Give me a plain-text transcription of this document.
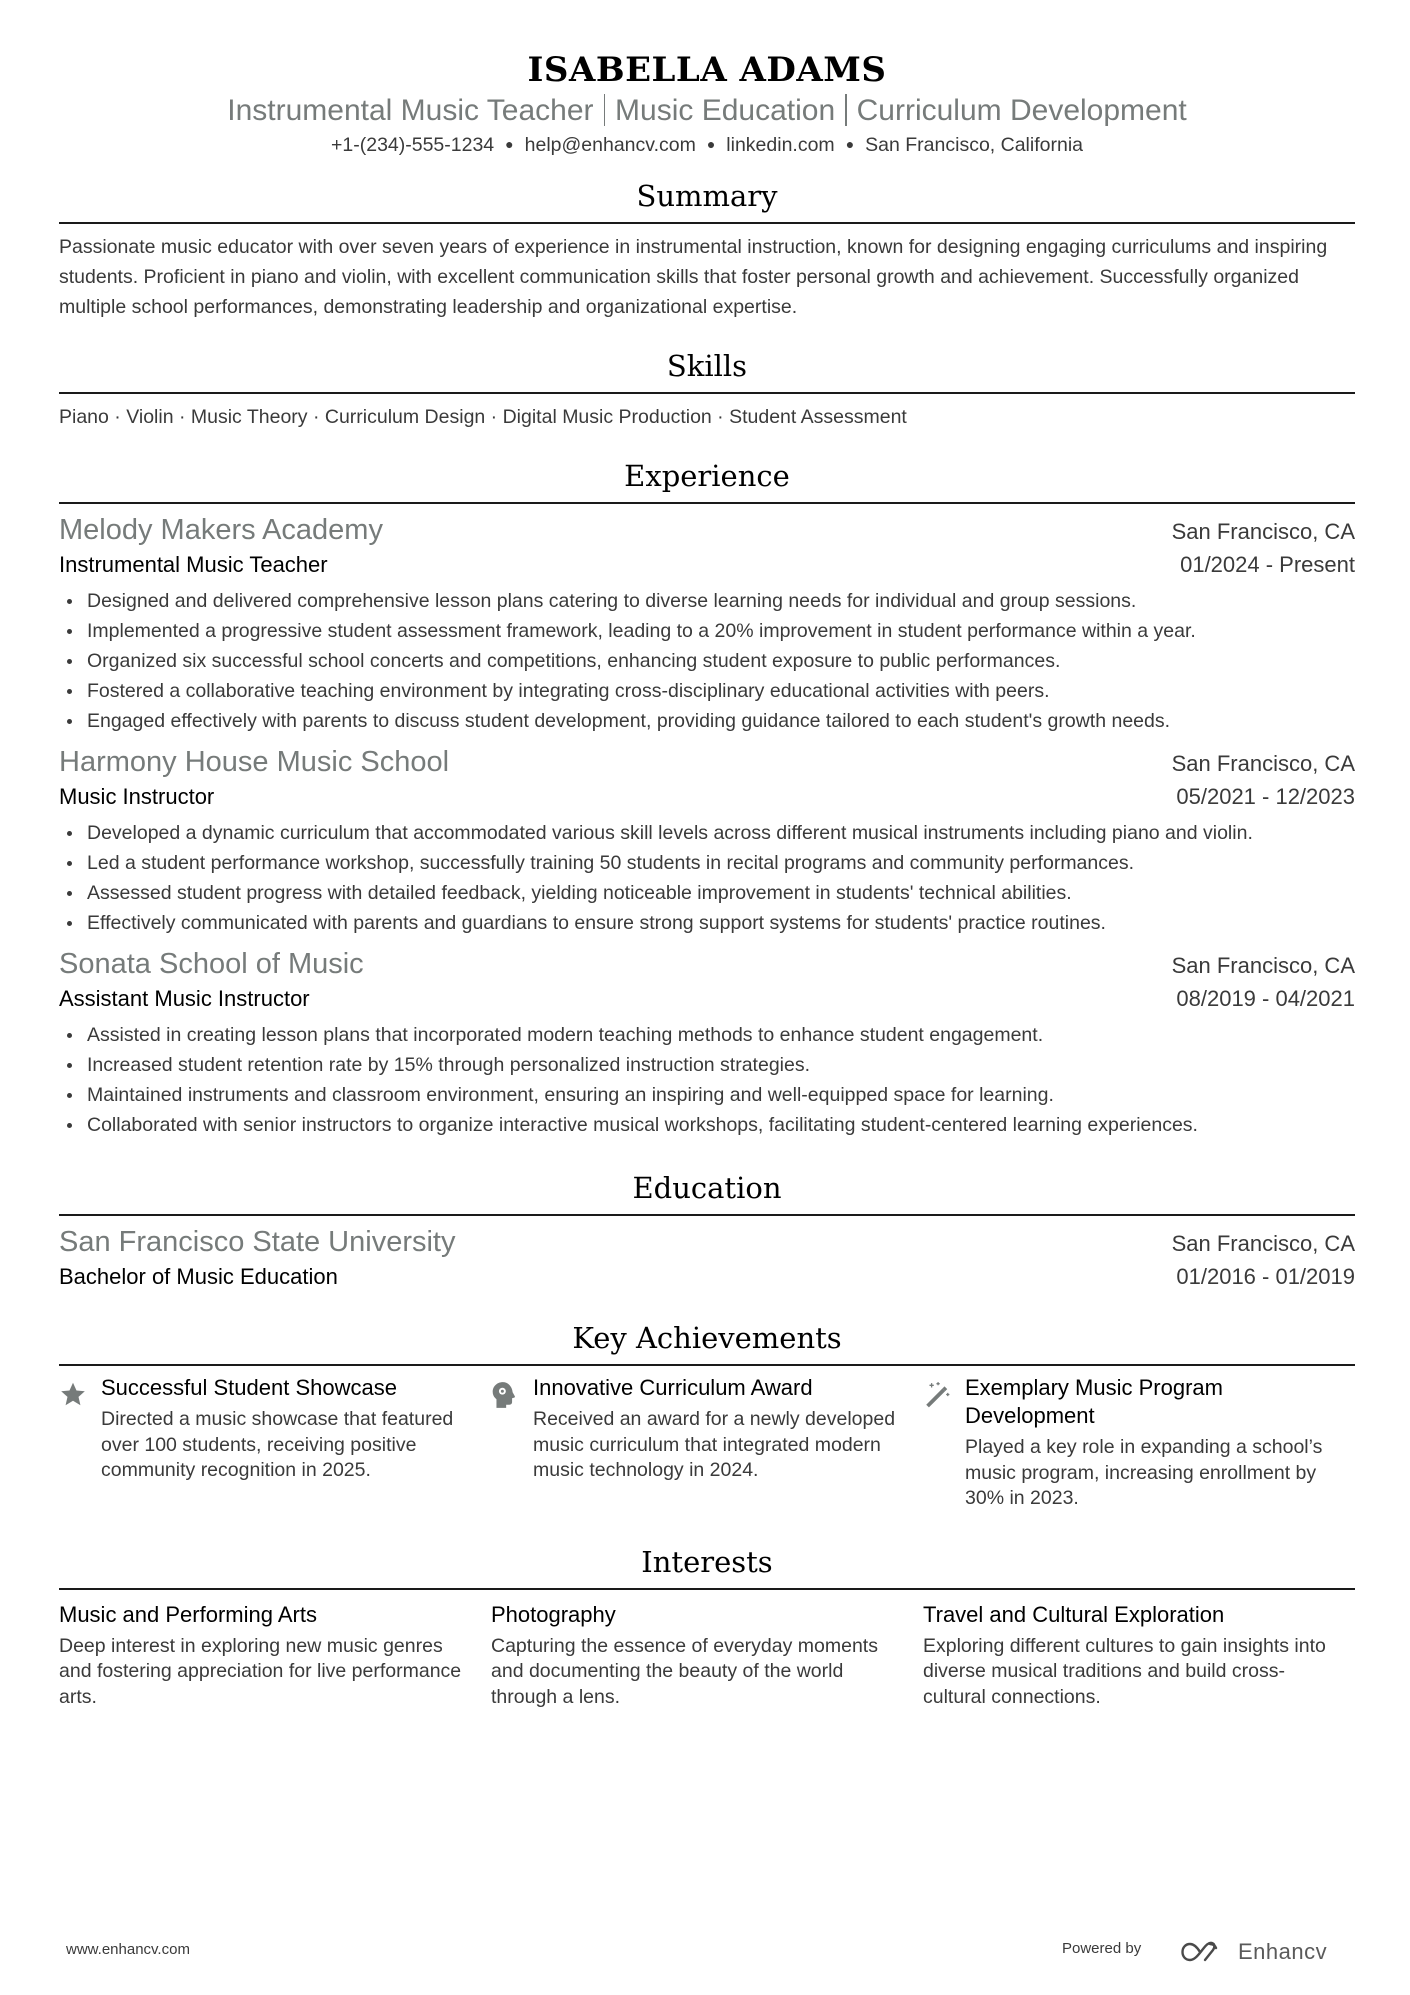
ISABELLA ADAMS
Instrumental Music Teacher Music Education Curriculum Development
+1-(234)-555-1234 ● help@enhancv.com ● linkedin.com ● San Francisco, California
Summary

Passionate music educator with over seven years of experience in instrumental instruction, known for designing engaging curriculums and inspiring students. Proficient in piano and violin, with excellent communication skills that foster personal growth and achievement. Successfully organized multiple school performances, demonstrating leadership and organizational expertise.

Skills

Piano · Violin · Music Theory · Curriculum Design · Digital Music Production · Student Assessment

Experience
Melody Makers Academy	San Francisco, CA
Instrumental Music Teacher	01/2024 - Present
Designed and delivered comprehensive lesson plans catering to diverse learning needs for individual and group sessions.
Implemented a progressive student assessment framework, leading to a 20% improvement in student performance within a year.
Organized six successful school concerts and competitions, enhancing student exposure to public performances.
Fostered a collaborative teaching environment by integrating cross-disciplinary educational activities with peers.
Engaged effectively with parents to discuss student development, providing guidance tailored to each student's growth needs.
Harmony House Music School	San Francisco, CA
Music Instructor	05/2021 - 12/2023
Developed a dynamic curriculum that accommodated various skill levels across different musical instruments including piano and violin.
Led a student performance workshop, successfully training 50 students in recital programs and community performances.
Assessed student progress with detailed feedback, yielding noticeable improvement in students' technical abilities.
Effectively communicated with parents and guardians to ensure strong support systems for students' practice routines.
Sonata School of Music	San Francisco, CA
Assistant Music Instructor	08/2019 - 04/2021
Assisted in creating lesson plans that incorporated modern teaching methods to enhance student engagement.
Increased student retention rate by 15% through personalized instruction strategies.
Maintained instruments and classroom environment, ensuring an inspiring and well-equipped space for learning.
Collaborated with senior instructors to organize interactive musical workshops, facilitating student-centered learning experiences.
Education
San Francisco State University	San Francisco, CA
Bachelor of Music Education	01/2016 - 01/2019
Key Achievements
Successful Student Showcase
Directed a music showcase that featured over 100 students, receiving positive community recognition in 2025.
Innovative Curriculum Award
Received an award for a newly developed music curriculum that integrated modern music technology in 2024.
Exemplary Music Program Development
Played a key role in expanding a school’s music program, increasing enrollment by 30% in 2023.
Interests
Music and Performing Arts
Deep interest in exploring new music genres and fostering appreciation for live performance arts.
Photography
Capturing the essence of everyday moments and documenting the beauty of the world through a lens.
Travel and Cultural Exploration
Exploring different cultures to gain insights into diverse musical traditions and build cross-cultural connections.
www.enhancv.com	Powered by	Enhancv
